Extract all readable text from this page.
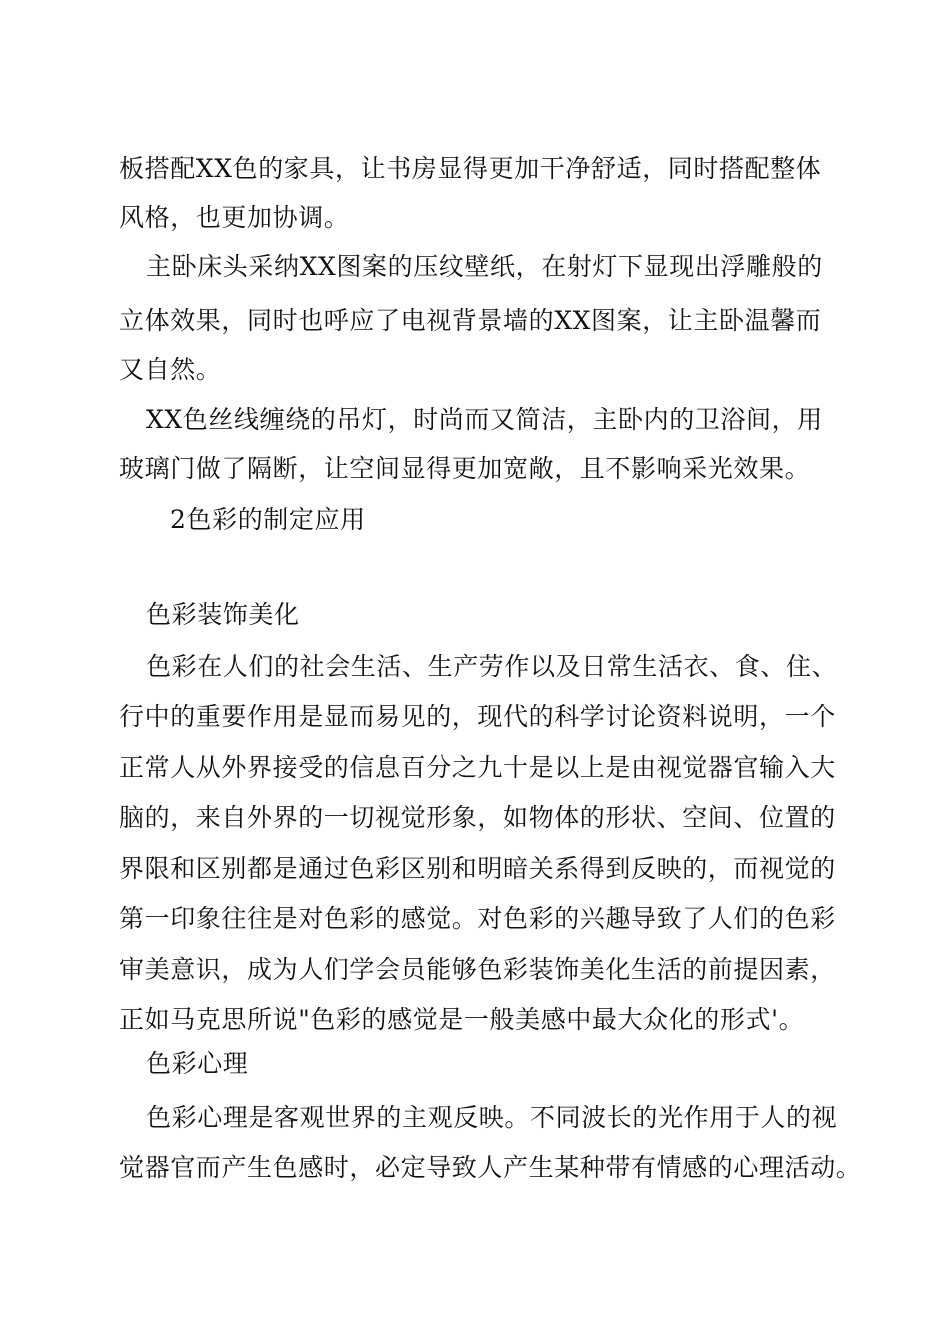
板搭配XX色的家具，让书房显得更加干净舒适，同时搭配整体
风格，也更加协调。
主卧床头采纳XX图案的压纹壁纸，在射灯下显现出浮雕般的
立体效果，同时也呼应了电视背景墙的XX图案，让主卧温馨而
又自然。
XX色丝线缠绕的吊灯，时尚而又简洁，主卧内的卫浴间，用
玻璃门做了隔断，让空间显得更加宽敞，且不影响采光效果。
2色彩的制定应用
色彩装饰美化
色彩在人们的社会生活、生产劳作以及日常生活衣、食、住、
行中的重要作用是显而易见的，现代的科学讨论资料说明，一个
正常人从外界接受的信息百分之九十是以上是由视觉器官输入大
脑的，来自外界的一切视觉形象，如物体的形状、空间、位置的
界限和区别都是通过色彩区别和明暗关系得到反映的，而视觉的
第一印象往往是对色彩的感觉。对色彩的兴趣导致了人们的色彩
审美意识，成为人们学会员能够色彩装饰美化生活的前提因素，
正如马克思所说"色彩的感觉是一般美感中最大众化的形式'。
色彩心理
色彩心理是客观世界的主观反映。不同波长的光作用于人的视
觉器官而产生色感时，必定导致人产生某种带有情感的心理活动。
